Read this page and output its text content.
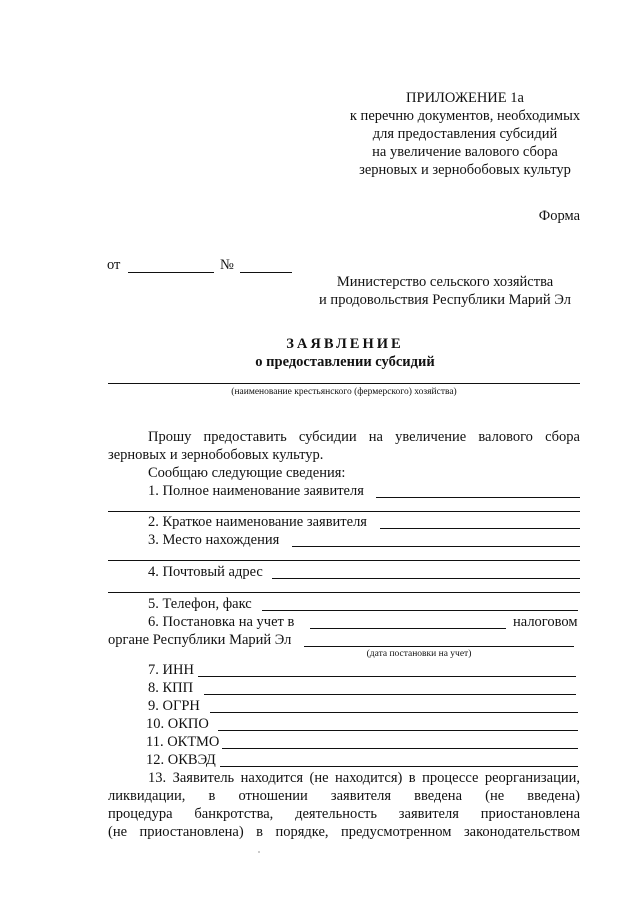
ПРИЛОЖЕНИЕ 1а
к перечню документов, необходимых
для предоставления субсидий
на увеличение валового сбора
зерновых и зернобобовых культур
Форма
от	№
Министерство сельского хозяйства
и продовольствия Республики Марий Эл
ЗАЯВЛЕНИЕ
о предоставлении субсидий
(наименование крестьянского (фермерского) хозяйства)
Прошу предоставить субсидии на увеличение валового сбора
зерновых и зернобобовых культур.
Сообщаю следующие сведения:
1. Полное наименование заявителя
2. Краткое наименование заявителя
3. Место нахождения
4. Почтовый адрес
5. Телефон, факс
6. Постановка на учет в	налоговом
органе Республики Марий Эл
(дата постановки на учет)
7. ИНН
8. КПП
9. ОГРН
10. ОКПО
11. ОКТМО
12. ОКВЭД
13. Заявитель находится (не находится) в процессе реорганизации,
ликвидации, в отношении заявителя введена (не введена)
процедура банкротства, деятельность заявителя приостановлена
(не приостановлена) в порядке, предусмотренном законодательством
